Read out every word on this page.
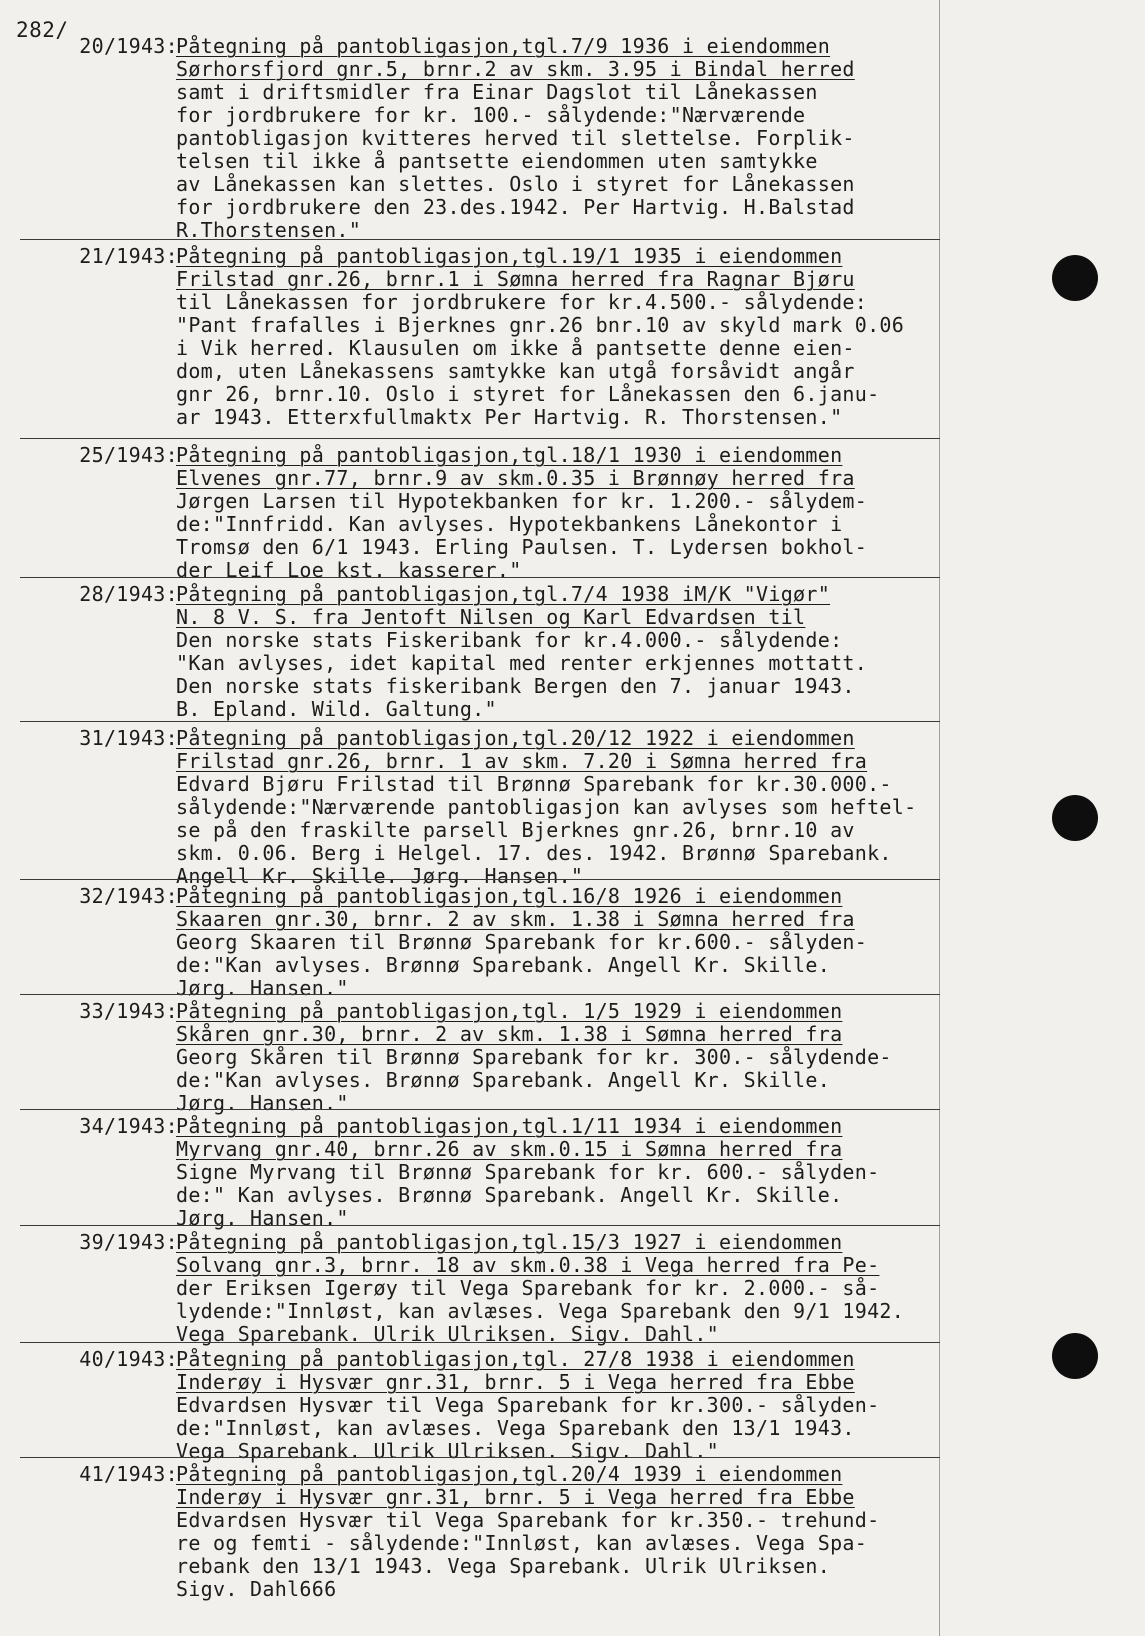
282/
20/1943:
Påtegning på pantobligasjon,tgl.7/9 1936 i eiendommen
Sørhorsfjord gnr.5, brnr.2 av skm. 3.95 i Bindal herred
samt i driftsmidler fra Einar Dagslot til Lånekassen
for jordbrukere for kr. 100.- sålydende:"Nærværende
pantobligasjon kvitteres herved til slettelse. Forplik-
telsen til ikke å pantsette eiendommen uten samtykke
av Lånekassen kan slettes. Oslo i styret for Lånekassen
for jordbrukere den 23.des.1942. Per Hartvig. H.Balstad
R.Thorstensen."
21/1943:
Påtegning på pantobligasjon,tgl.19/1 1935 i eiendommen
Frilstad gnr.26, brnr.1 i Sømna herred fra Ragnar Bjøru
til Lånekassen for jordbrukere for kr.4.500.- sålydende:
"Pant frafalles i Bjerknes gnr.26 bnr.10 av skyld mark 0.06
i Vik herred. Klausulen om ikke å pantsette denne eien-
dom, uten Lånekassens samtykke kan utgå forsåvidt angår
gnr 26, brnr.10. Oslo i styret for Lånekassen den 6.janu-
ar 1943. Etterxfullmaktx Per Hartvig. R. Thorstensen."
25/1943:
Påtegning på pantobligasjon,tgl.18/1 1930 i eiendommen
Elvenes gnr.77, brnr.9 av skm.0.35 i Brønnøy herred fra
Jørgen Larsen til Hypotekbanken for kr. 1.200.- sålydem-
de:"Innfridd. Kan avlyses. Hypotekbankens Lånekontor i
Tromsø den 6/1 1943. Erling Paulsen. T. Lydersen bokhol-
der Leif Loe kst. kasserer."
28/1943:
Påtegning på pantobligasjon,tgl.7/4 1938 iM/K "Vigør"
N. 8 V. S. fra Jentoft Nilsen og Karl Edvardsen til
Den norske stats Fiskeribank for kr.4.000.- sålydende:
"Kan avlyses, idet kapital med renter erkjennes mottatt.
Den norske stats fiskeribank Bergen den 7. januar 1943.
B. Epland. Wild. Galtung."
31/1943:
Påtegning på pantobligasjon,tgl.20/12 1922 i eiendommen
Frilstad gnr.26, brnr. 1 av skm. 7.20 i Sømna herred fra
Edvard Bjøru Frilstad til Brønnø Sparebank for kr.30.000.-
sålydende:"Nærværende pantobligasjon kan avlyses som heftel-
se på den fraskilte parsell Bjerknes gnr.26, brnr.10 av
skm. 0.06. Berg i Helgel. 17. des. 1942. Brønnø Sparebank.
Angell Kr. Skille. Jørg. Hansen."
32/1943:
Påtegning på pantobligasjon,tgl.16/8 1926 i eiendommen
Skaaren gnr.30, brnr. 2 av skm. 1.38 i Sømna herred fra
Georg Skaaren til Brønnø Sparebank for kr.600.- sålyden-
de:"Kan avlyses. Brønnø Sparebank. Angell Kr. Skille.
Jørg. Hansen."
33/1943:
Påtegning på pantobligasjon,tgl. 1/5 1929 i eiendommen
Skåren gnr.30, brnr. 2 av skm. 1.38 i Sømna herred fra
Georg Skåren til Brønnø Sparebank for kr. 300.- sålydende-
de:"Kan avlyses. Brønnø Sparebank. Angell Kr. Skille.
Jørg. Hansen."
34/1943:
Påtegning på pantobligasjon,tgl.1/11 1934 i eiendommen
Myrvang gnr.40, brnr.26 av skm.0.15 i Sømna herred fra
Signe Myrvang til Brønnø Sparebank for kr. 600.- sålyden-
de:" Kan avlyses. Brønnø Sparebank. Angell Kr. Skille.
Jørg. Hansen."
39/1943:
Påtegning på pantobligasjon,tgl.15/3 1927 i eiendommen
Solvang gnr.3, brnr. 18 av skm.0.38 i Vega herred fra Pe-
der Eriksen Igerøy til Vega Sparebank for kr. 2.000.- så-
lydende:"Innløst, kan avlæses. Vega Sparebank den 9/1 1942.
Vega Sparebank. Ulrik Ulriksen. Sigv. Dahl."
40/1943:
Påtegning på pantobligasjon,tgl. 27/8 1938 i eiendommen
Inderøy i Hysvær gnr.31, brnr. 5 i Vega herred fra Ebbe
Edvardsen Hysvær til Vega Sparebank for kr.300.- sålyden-
de:"Innløst, kan avlæses. Vega Sparebank den 13/1 1943.
Vega Sparebank. Ulrik Ulriksen. Sigv. Dahl."
41/1943:
Påtegning på pantobligasjon,tgl.20/4 1939 i eiendommen
Inderøy i Hysvær gnr.31, brnr. 5 i Vega herred fra Ebbe
Edvardsen Hysvær til Vega Sparebank for kr.350.- trehund-
re og femti - sålydende:"Innløst, kan avlæses. Vega Spa-
rebank den 13/1 1943. Vega Sparebank. Ulrik Ulriksen.
Sigv. Dahl666
